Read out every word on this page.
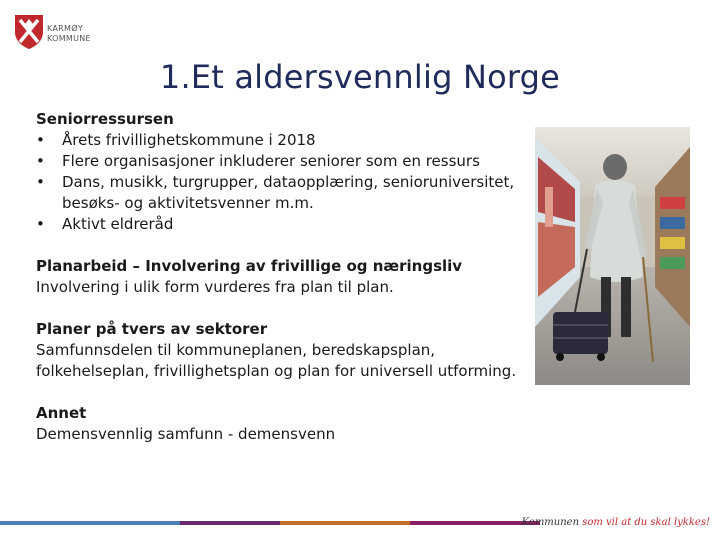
KARMØY
KOMMUNE
1.Et aldersvennlig Norge
Seniorressursen
• Årets frivillighetskommune i 2018
• Flere organisasjoner inkluderer seniorer som en ressurs
• Dans, musikk, turgrupper, dataopplæring, senioruniversitet, besøks- og aktivitetsvenner m.m.
• Aktivt eldreråd
Planarbeid – Involvering av frivillige og næringsliv

Involvering i ulik form vurderes fra plan til plan.

Planer på tvers av sektorer

Samfunnsdelen til kommuneplanen, beredskapsplan, folkehelseplan, frivillighetsplan og plan for universell utforming.

Annet

Demensvennlig samfunn - demensvenn

Kommunen som vil at du skal lykkes!
